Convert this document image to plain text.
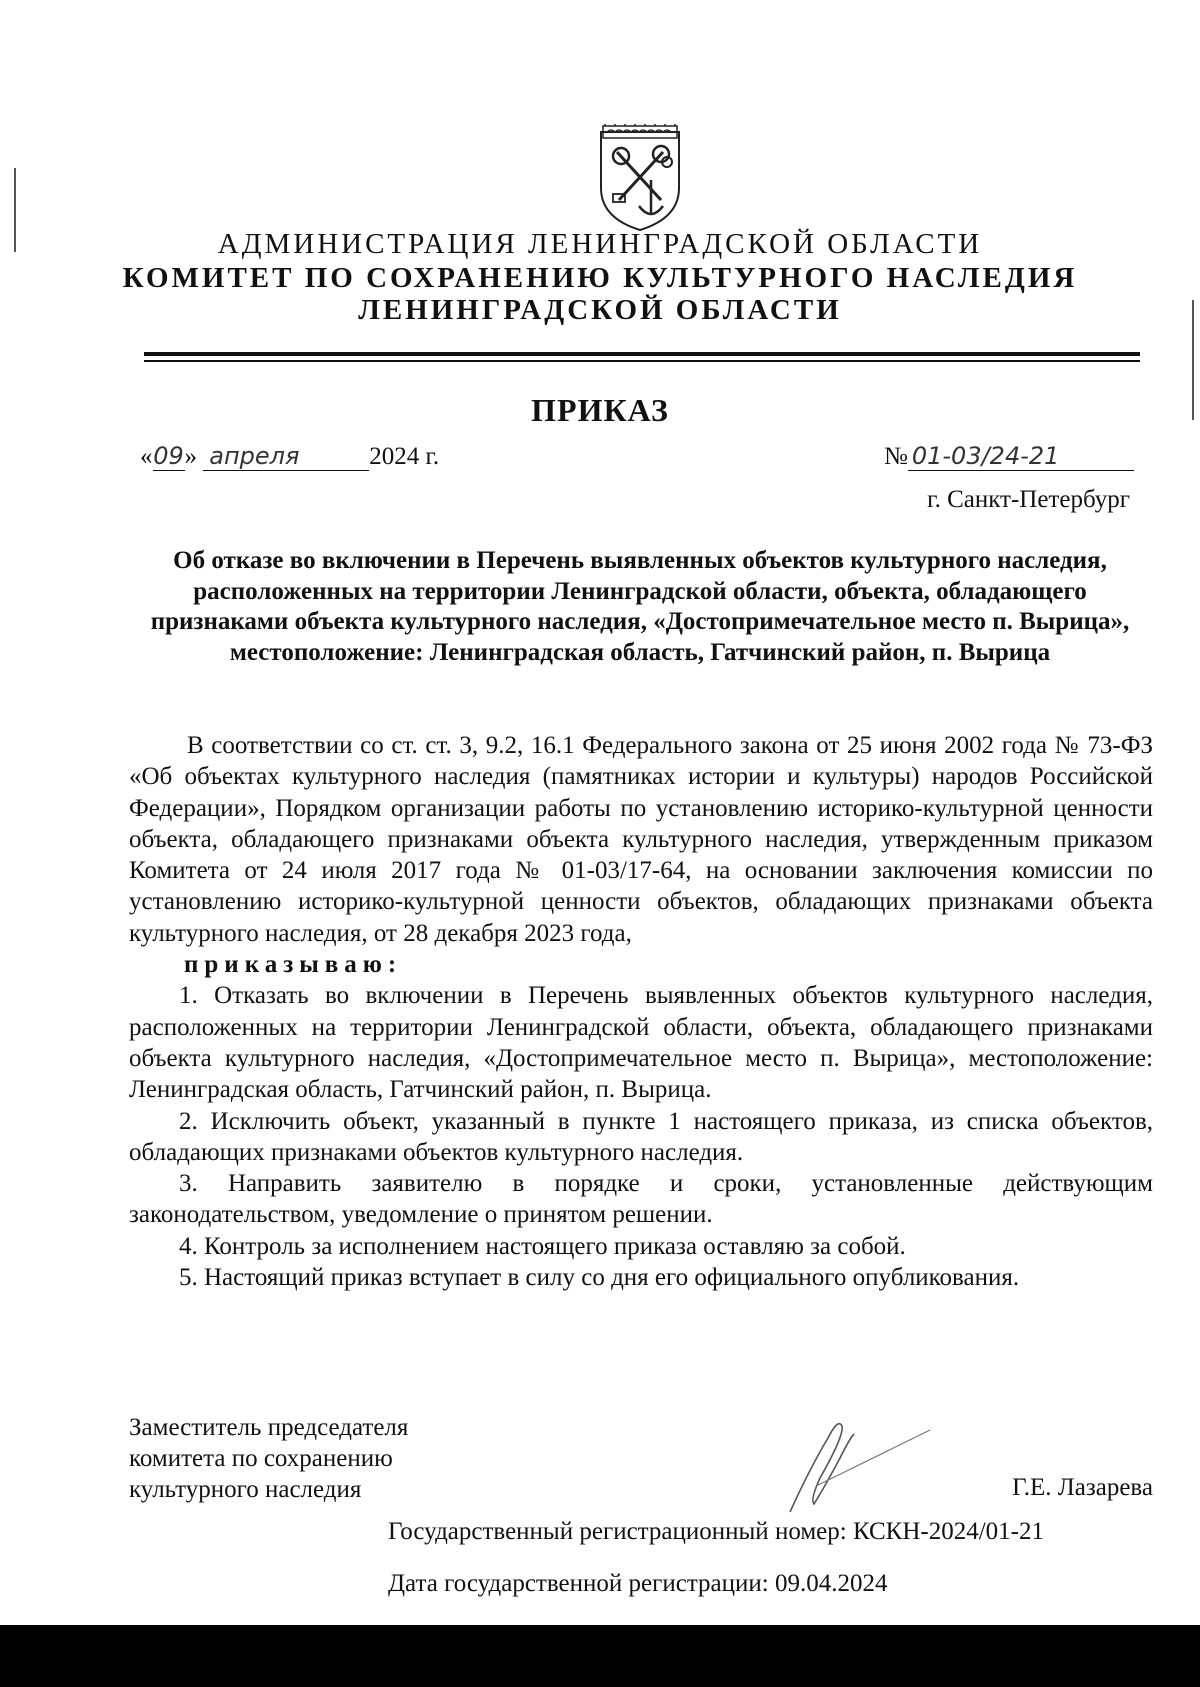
АДМИНИСТРАЦИЯ ЛЕНИНГРАДСКОЙ ОБЛАСТИ
КОМИТЕТ ПО СОХРАНЕНИЮ КУЛЬТУРНОГО НАСЛЕДИЯ
ЛЕНИНГРАДСКОЙ ОБЛАСТИ
ПРИКАЗ
«09» апреля	2024 г.	№ 01-03/24-21
г. Санкт-Петербург
Об отказе во включении в Перечень выявленных объектов культурного наследия, расположенных на территории Ленинградской области, объекта, обладающего признаками объекта культурного наследия, «Достопримечательное место п. Вырица», местоположение: Ленинградская область, Гатчинский район, п. Вырица

В соответствии со ст. ст. 3, 9.2, 16.1 Федерального закона от 25 июня 2002 года № 73-ФЗ «Об объектах культурного наследия (памятниках истории и культуры) народов Российской Федерации», Порядком организации работы по установлению историко-культурной ценности объекта, обладающего признаками объекта культурного наследия, утвержденным приказом Комитета от 24 июля 2017 года № 01-03/17-64, на основании заключения комиссии по установлению историко-культурной ценности объектов, обладающих признаками объекта культурного наследия, от 28 декабря 2023 года,

приказываю:

1. Отказать во включении в Перечень выявленных объектов культурного наследия, расположенных на территории Ленинградской области, объекта, обладающего признаками объекта культурного наследия, «Достопримечательное место п. Вырица», местоположение: Ленинградская область, Гатчинский район, п. Вырица.

2. Исключить объект, указанный в пункте 1 настоящего приказа, из списка объектов, обладающих признаками объектов культурного наследия.

3. Направить заявителю в порядке и сроки, установленные действующим законодательством, уведомление о принятом решении.

4. Контроль за исполнением настоящего приказа оставляю за собой.

5. Настоящий приказ вступает в силу со дня его официального опубликования.

Заместитель председателя

комитета по сохранению

культурного наследия	Г.Е. Лазарева
Государственный регистрационный номер: КСКН-2024/01-21
Дата государственной регистрации: 09.04.2024
